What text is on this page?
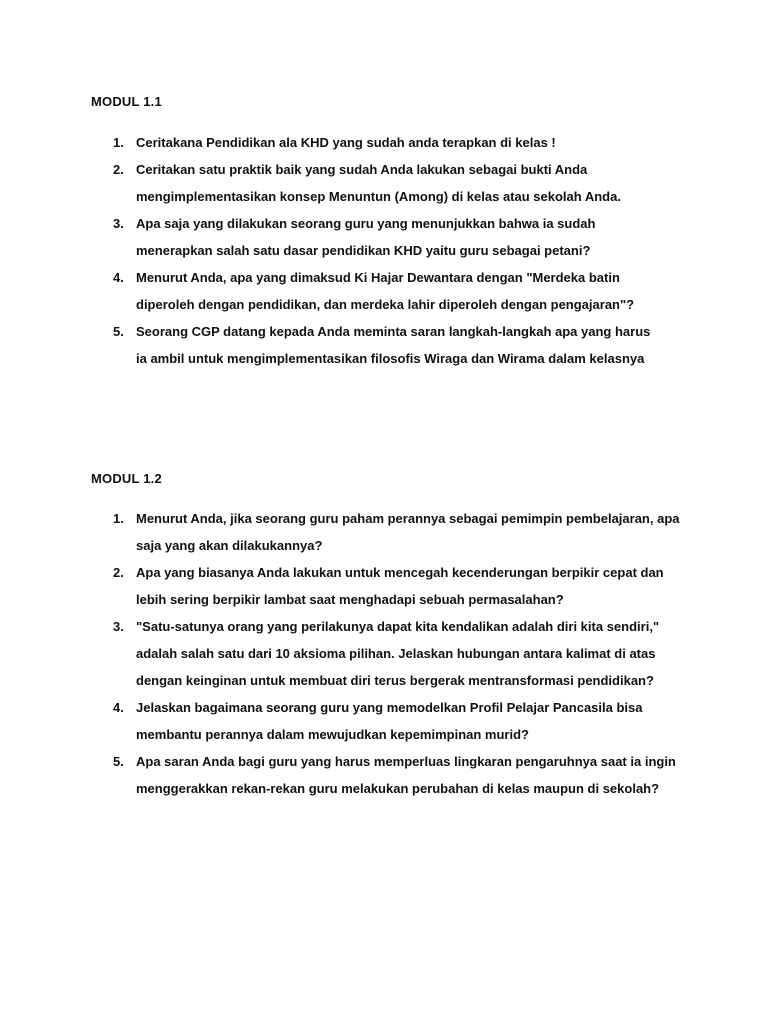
MODUL 1.1
1. Ceritakana Pendidikan ala KHD yang sudah anda terapkan di kelas !
2. Ceritakan satu praktik baik yang sudah Anda lakukan sebagai bukti Anda mengimplementasikan konsep Menuntun (Among) di kelas atau sekolah Anda.
3. Apa saja yang dilakukan seorang guru yang menunjukkan bahwa ia sudah menerapkan salah satu dasar pendidikan KHD yaitu guru sebagai petani?
4. Menurut Anda, apa yang dimaksud Ki Hajar Dewantara dengan "Merdeka batin diperoleh dengan pendidikan, dan merdeka lahir diperoleh dengan pengajaran"?
5. Seorang CGP datang kepada Anda meminta saran langkah-langkah apa yang harus ia ambil untuk mengimplementasikan filosofis Wiraga dan Wirama dalam kelasnya
MODUL 1.2
1. Menurut Anda, jika seorang guru paham perannya sebagai pemimpin pembelajaran, apa saja yang akan dilakukannya?
2. Apa yang biasanya Anda lakukan untuk mencegah kecenderungan berpikir cepat dan lebih sering berpikir lambat saat menghadapi sebuah permasalahan?
3. "Satu-satunya orang yang perilakunya dapat kita kendalikan adalah diri kita sendiri," adalah salah satu dari 10 aksioma pilihan. Jelaskan hubungan antara kalimat di atas dengan keinginan untuk membuat diri terus bergerak mentransformasi pendidikan?
4. Jelaskan bagaimana seorang guru yang memodelkan Profil Pelajar Pancasila bisa membantu perannya dalam mewujudkan kepemimpinan murid?
5. Apa saran Anda bagi guru yang harus memperluas lingkaran pengaruhnya saat ia ingin menggerakkan rekan-rekan guru melakukan perubahan di kelas maupun di sekolah?
